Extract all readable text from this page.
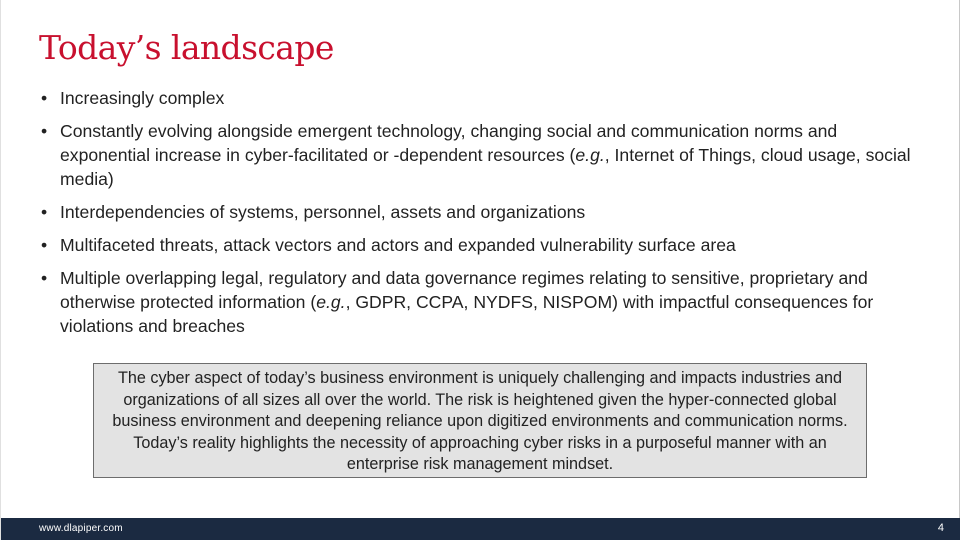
Today’s landscape
• Increasingly complex
• Constantly evolving alongside emergent technology, changing social and communication norms and exponential increase in cyber-facilitated or -dependent resources (e.g., Internet of Things, cloud usage, social media)
• Interdependencies of systems, personnel, assets and organizations
• Multifaceted threats, attack vectors and actors and expanded vulnerability surface area
• Multiple overlapping legal, regulatory and data governance regimes relating to sensitive, proprietary and otherwise protected information (e.g., GDPR, CCPA, NYDFS, NISPOM) with impactful consequences for violations and breaches
The cyber aspect of today’s business environment is uniquely challenging and impacts industries and organizations of all sizes all over the world. The risk is heightened given the hyper-connected global business environment and deepening reliance upon digitized environments and communication norms. Today’s reality highlights the necessity of approaching cyber risks in a purposeful manner with an enterprise risk management mindset.
www.dlapiper.com	4
